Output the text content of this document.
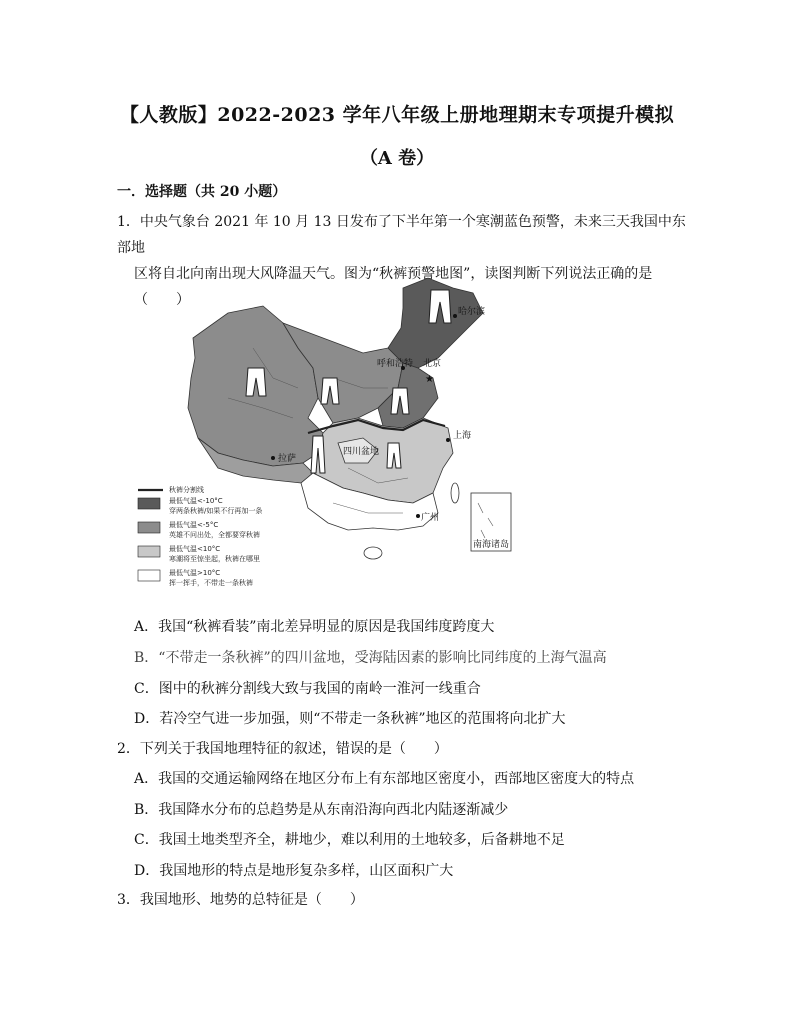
【人教版】2022-2023 学年八年级上册地理期末专项提升模拟
（A 卷）
一．选择题（共 20 小题）
1．中央气象台 2021 年 10 月 13 日发布了下半年第一个寒潮蓝色预警，未来三天我国中东部地
区将自北向南出现大风降温天气。图为“秋裤预警地图”，读图判断下列说法正确的是（　　）
哈尔滨
呼和浩特 北京
★
上海
拉萨
四川盆地
广州
南海诸岛
秋裤分割线
最低气温<-10°C
穿两条秋裤/如果不行再加一条
最低气温<-5°C
英雄不问出处，全都要穿秋裤
最低气温<10°C
寒潮将至惊坐起，秋裤在哪里
最低气温>10°C
挥一挥手，不带走一条秋裤
A．我国“秋裤看装”南北差异明显的原因是我国纬度跨度大
B．“不带走一条秋裤”的四川盆地，受海陆因素的影响比同纬度的上海气温高
C．图中的秋裤分割线大致与我国的南岭一淮河一线重合
D．若冷空气进一步加强，则“不带走一条秋裤”地区的范围将向北扩大
2．下列关于我国地理特征的叙述，错误的是（　　）
A．我国的交通运输网络在地区分布上有东部地区密度小，西部地区密度大的特点
B．我国降水分布的总趋势是从东南沿海向西北内陆逐渐减少
C．我国土地类型齐全，耕地少，难以利用的土地较多，后备耕地不足
D．我国地形的特点是地形复杂多样，山区面积广大
3．我国地形、地势的总特征是（　　）
